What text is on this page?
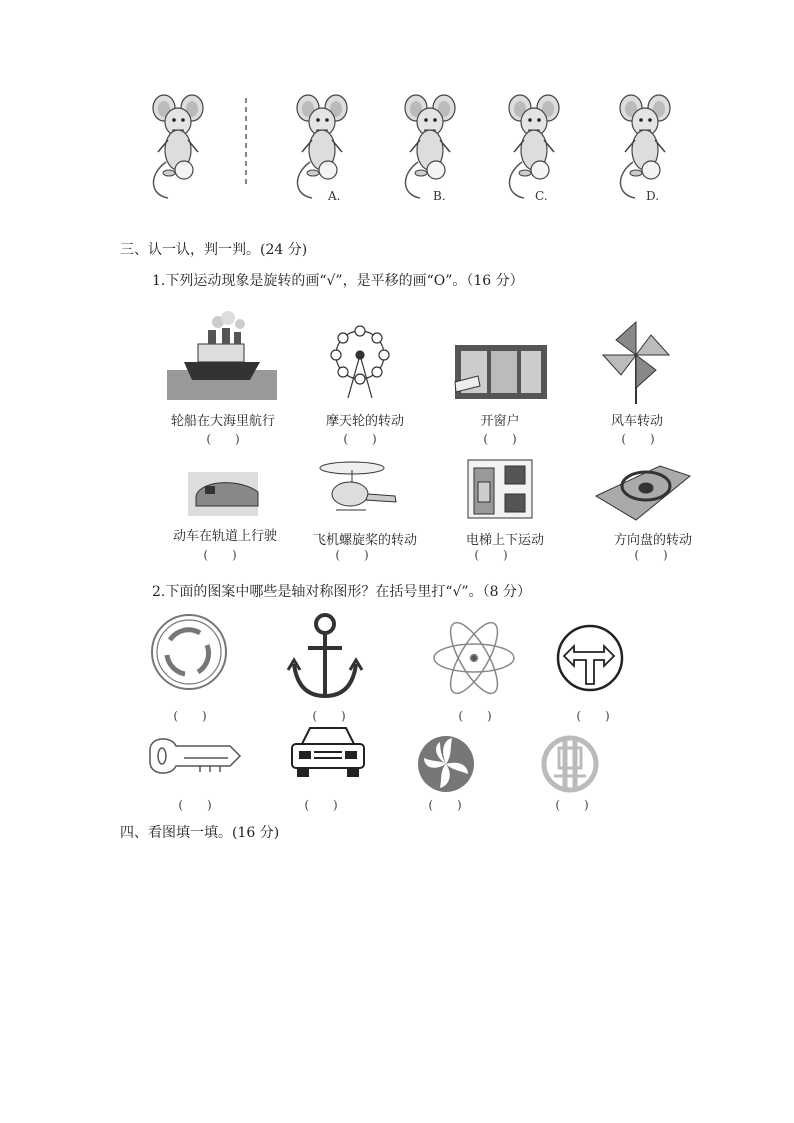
A.	B.	C.	D.
三、认一认，判一判。(24 分)
1.下列运动现象是旋转的画“√”，是平移的画“O”。（16 分）
轮船在大海里航行
(　　)
摩天轮的转动
(　　)
开窗户
(　　)
风车转动
(　　)
动车在轨道上行驶
(　　)
飞机螺旋桨的转动
(　　)
电梯上下运动
(　　)
方向盘的转动
(　　)
2.下面的图案中哪些是轴对称图形？在括号里打“√”。（8 分）
(　　)	(　　)	(　　)	(　　)
(　　)	(　　)	(　　)	(　　)
四、看图填一填。(16 分)
